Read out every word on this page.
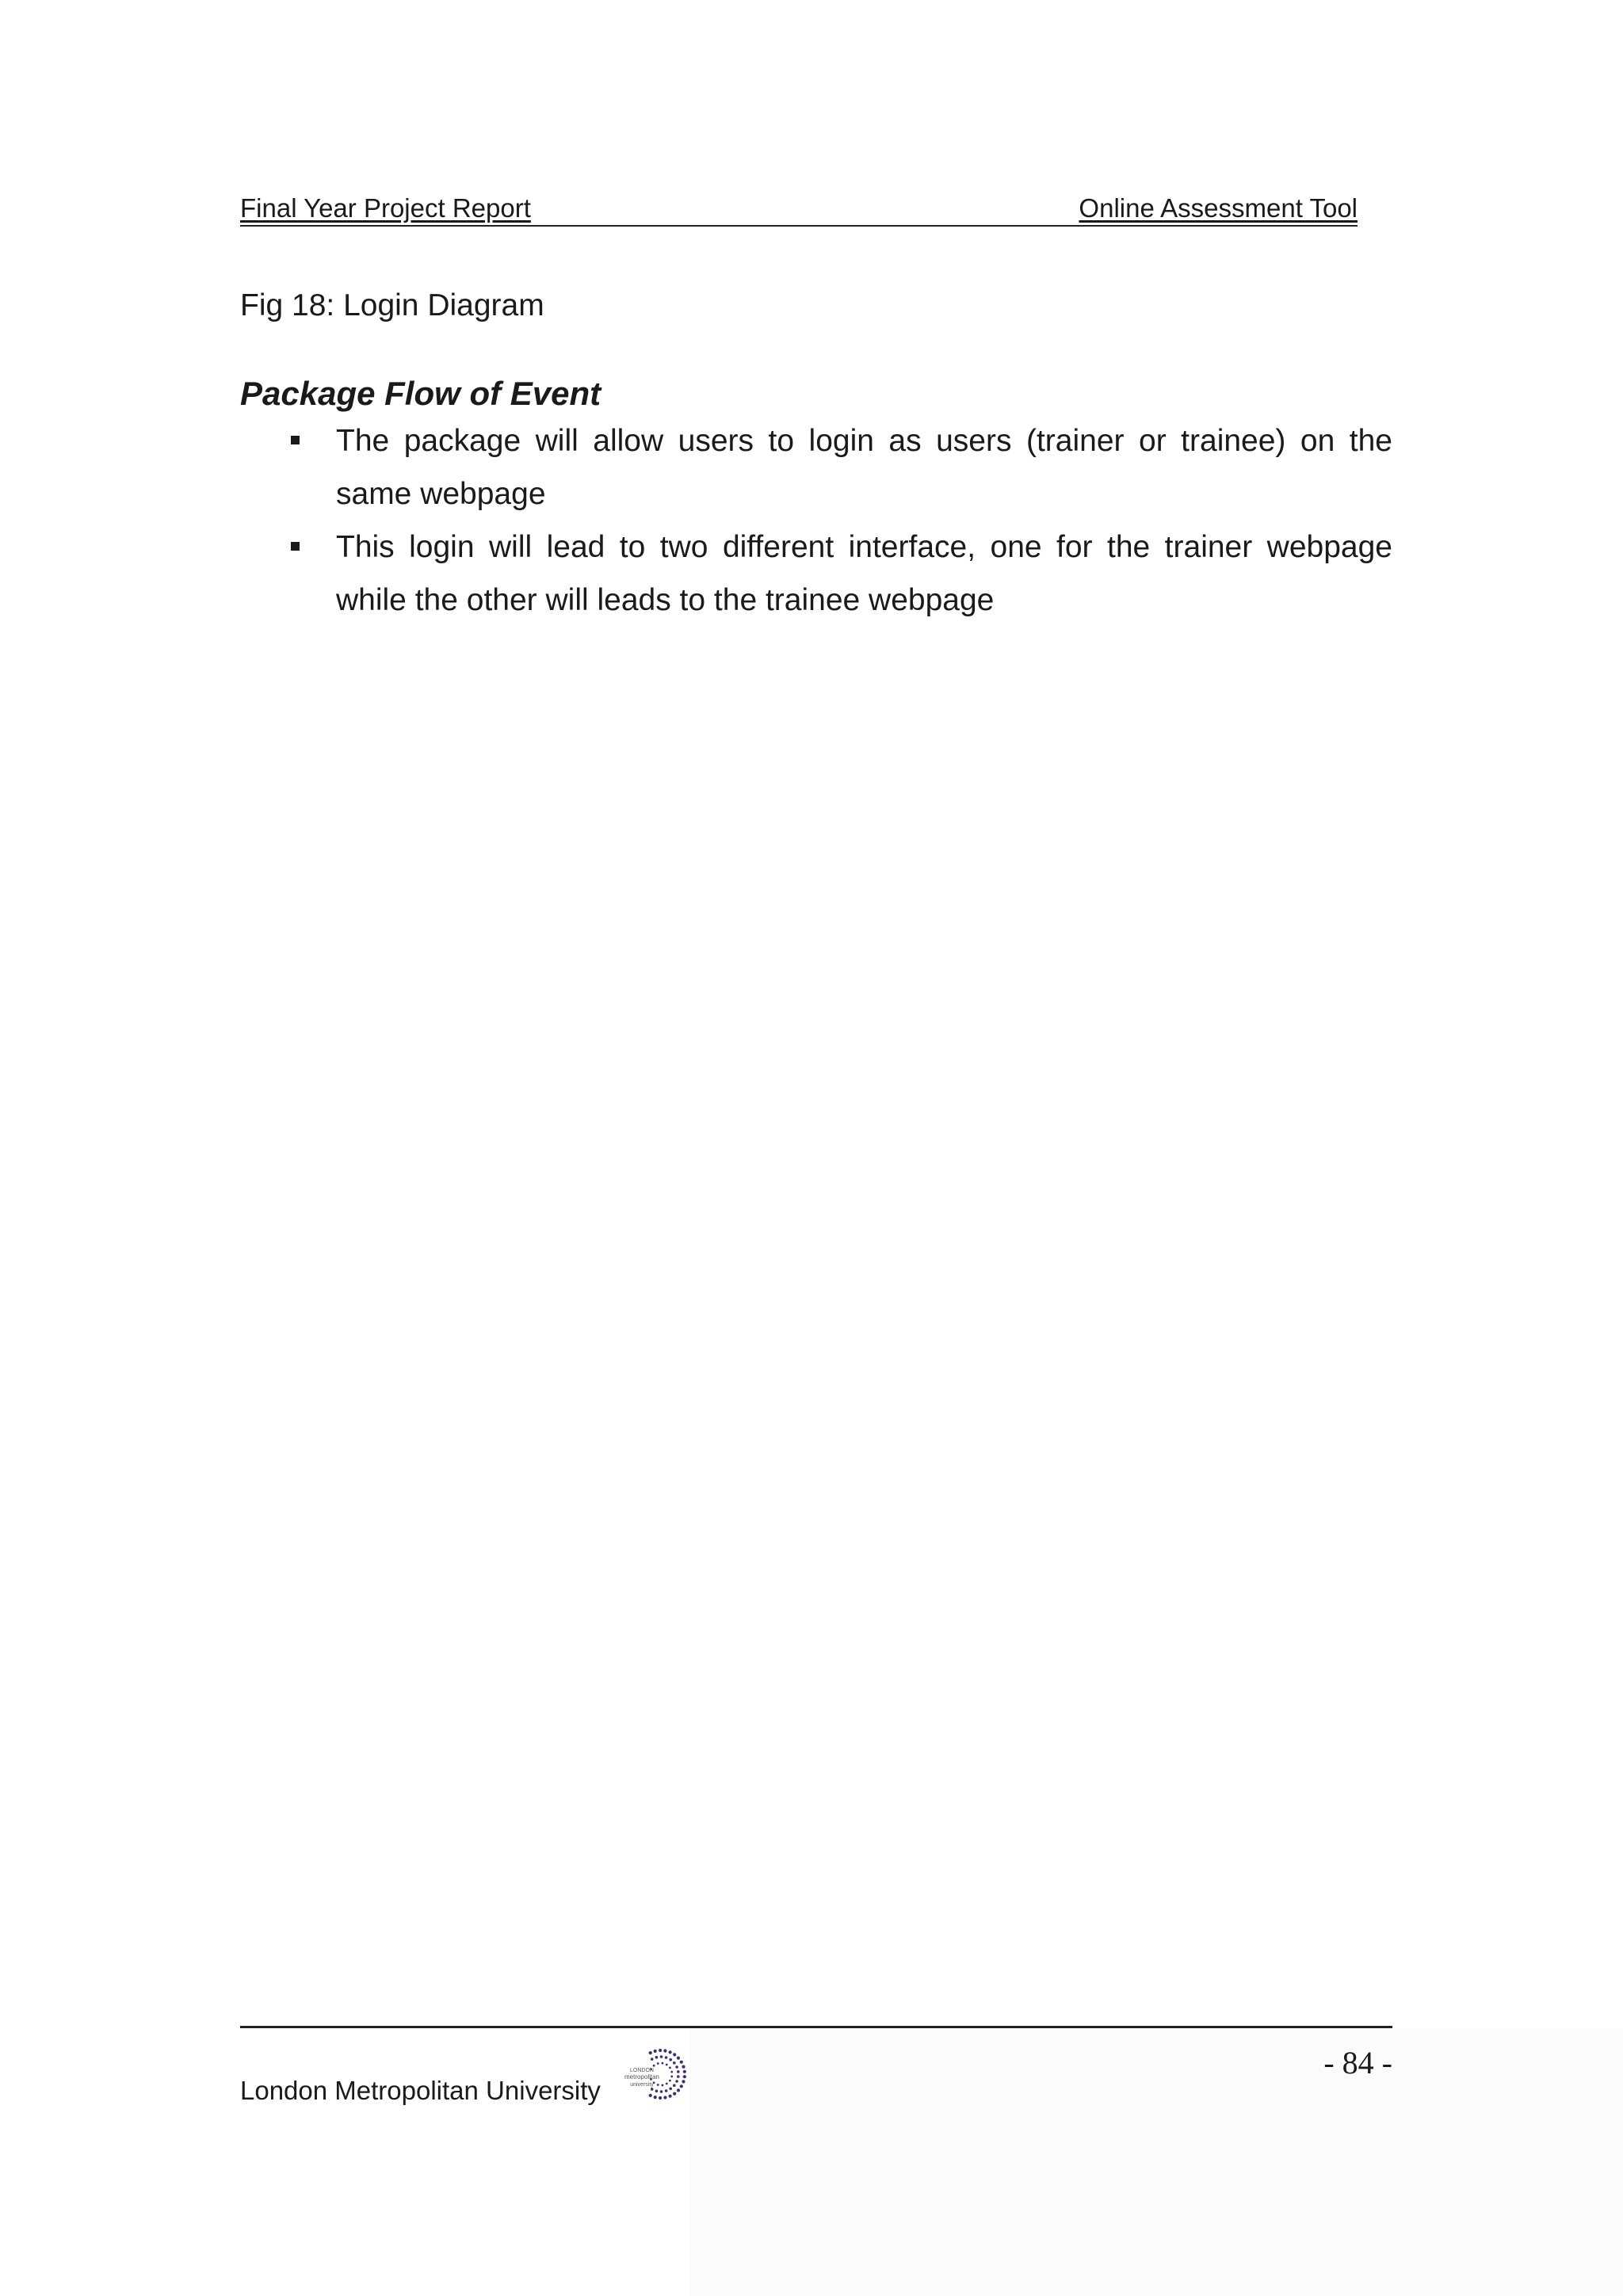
Final Year Project Report	Online Assessment Tool
Fig 18: Login Diagram
Package Flow of Event
The package will allow users to login as users (trainer or trainee) on the same webpage
This login will lead to two different interface, one for the trainer webpage while the other will leads to the trainee webpage
- 84 -
London Metropolitan University
LONDON
metropolitan
university
